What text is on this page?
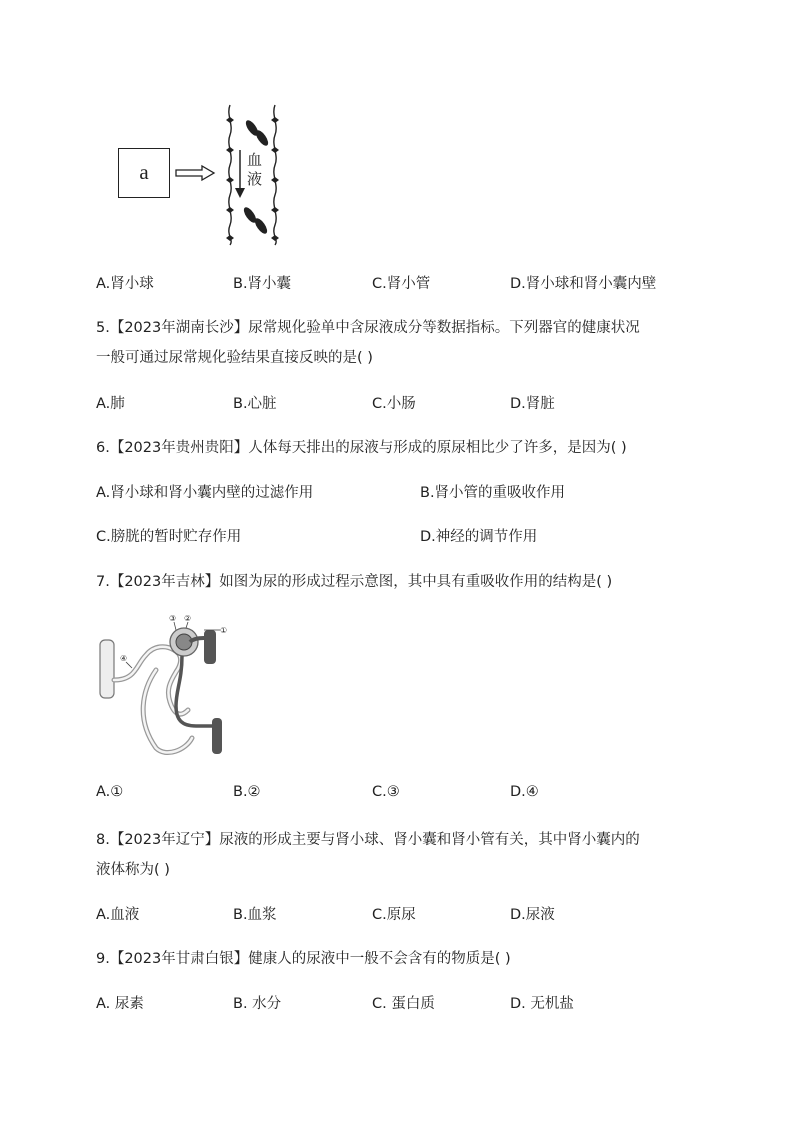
a	血
液
A.肾小球	B.肾小囊	C.肾小管	D.肾小球和肾小囊内壁
5.【2023年湖南长沙】尿常规化验单中含尿液成分等数据指标。下列器官的健康状况
一般可通过尿常规化验结果直接反映的是( )
A.肺	B.心脏	C.小肠	D.肾脏
6.【2023年贵州贵阳】人体每天排出的尿液与形成的原尿相比少了许多，是因为( )
A.肾小球和肾小囊内壁的过滤作用	B.肾小管的重吸收作用
C.膀胱的暂时贮存作用	D.神经的调节作用
7.【2023年吉林】如图为尿的形成过程示意图，其中具有重吸收作用的结构是( )
①
②
③
④
A.①	B.②	C.③	D.④
8.【2023年辽宁】尿液的形成主要与肾小球、肾小囊和肾小管有关，其中肾小囊内的
液体称为( )
A.血液	B.血浆	C.原尿	D.尿液
9.【2023年甘肃白银】健康人的尿液中一般不会含有的物质是( )
A. 尿素	B. 水分	C. 蛋白质	D. 无机盐
